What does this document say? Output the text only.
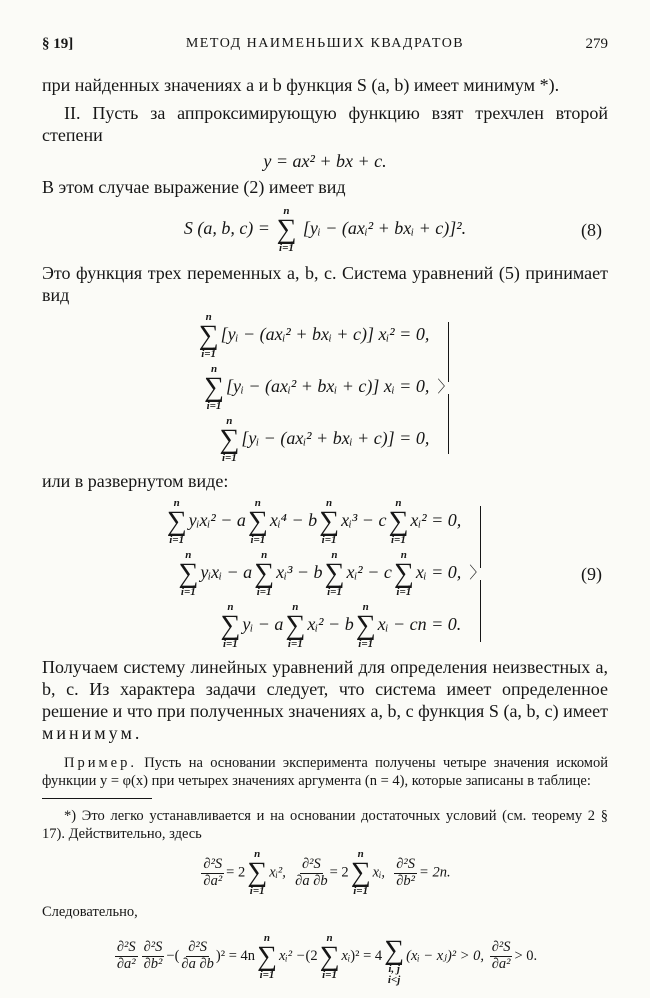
§ 19]	МЕТОД НАИМЕНЬШИХ КВАДРАТОВ	279

при найденных значениях a и b функция S (a, b) имеет минимум *).

II. Пусть за аппроксимирующую функцию взят трехчлен второй степени

y = ax² + bx + c.

В этом случае выражение (2) имеет вид

S (a, b, c) =
n
∑
i=1
[yᵢ − (axᵢ² + bxᵢ + c)]².	(8)

Это функция трех переменных a, b, c. Система уравнений (5) принимает вид

n
∑
i=1
[yᵢ − (axᵢ² + bxᵢ + c)] xᵢ² = 0,
n
∑
i=1
[yᵢ − (axᵢ² + bxᵢ + c)] xᵢ = 0,
n
∑
i=1
[yᵢ − (axᵢ² + bxᵢ + c)] = 0,
〉

или в развернутом виде:

n
∑
i=1
yᵢxᵢ² − a
n
∑
i=1
xᵢ⁴ − b
n
∑
i=1
xᵢ³ − c
n
∑
i=1
xᵢ² = 0,
n
∑
i=1
yᵢxᵢ − a
n
∑
i=1
xᵢ³ − b
n
∑
i=1
xᵢ² − c
n
∑
i=1
xᵢ = 0,
n
∑
i=1
yᵢ − a
n
∑
i=1
xᵢ² − b
n
∑
i=1
xᵢ − cn = 0.
〉	(9)

Получаем систему линейных уравнений для определения неизвестных a, b, c. Из характера задачи следует, что система имеет определенное решение и что при полученных значениях a, b, c функция S (a, b, c) имеет минимум.

Пример. Пусть на основании эксперимента получены четыре значения искомой функции y = φ(x) при четырех значениях аргумента (n = 4), которые записаны в таблице:

*) Это легко устанавливается и на основании достаточных условий (см. теорему 2 § 17). Действительно, здесь

$\frac{\text{∂²S}}{\text{∂a²}} = 2$
n
∑
i=1
xᵢ², $\frac{\text{∂²S}}{\partial a \partial b} = 2$
n
∑
i=1
xᵢ, $\frac{\text{∂²S}}{\text{∂b²}} = 2n$.

Следовательно,

$\frac{\text{∂²S}}{\text{∂a²}} \frac{\text{∂²S}}{\text{∂b²}}$ −( $\frac{\text{∂²S}}{\partial a \partial b} )^2 = 4n$
n
∑
i=1
xᵢ² −(2
n
∑
i=1
xᵢ)² = 4
∑
i, j
i<j
(xᵢ − xⱼ)² > 0, $\frac{\text{∂²S}}{\text{∂a²}} > 0$.
